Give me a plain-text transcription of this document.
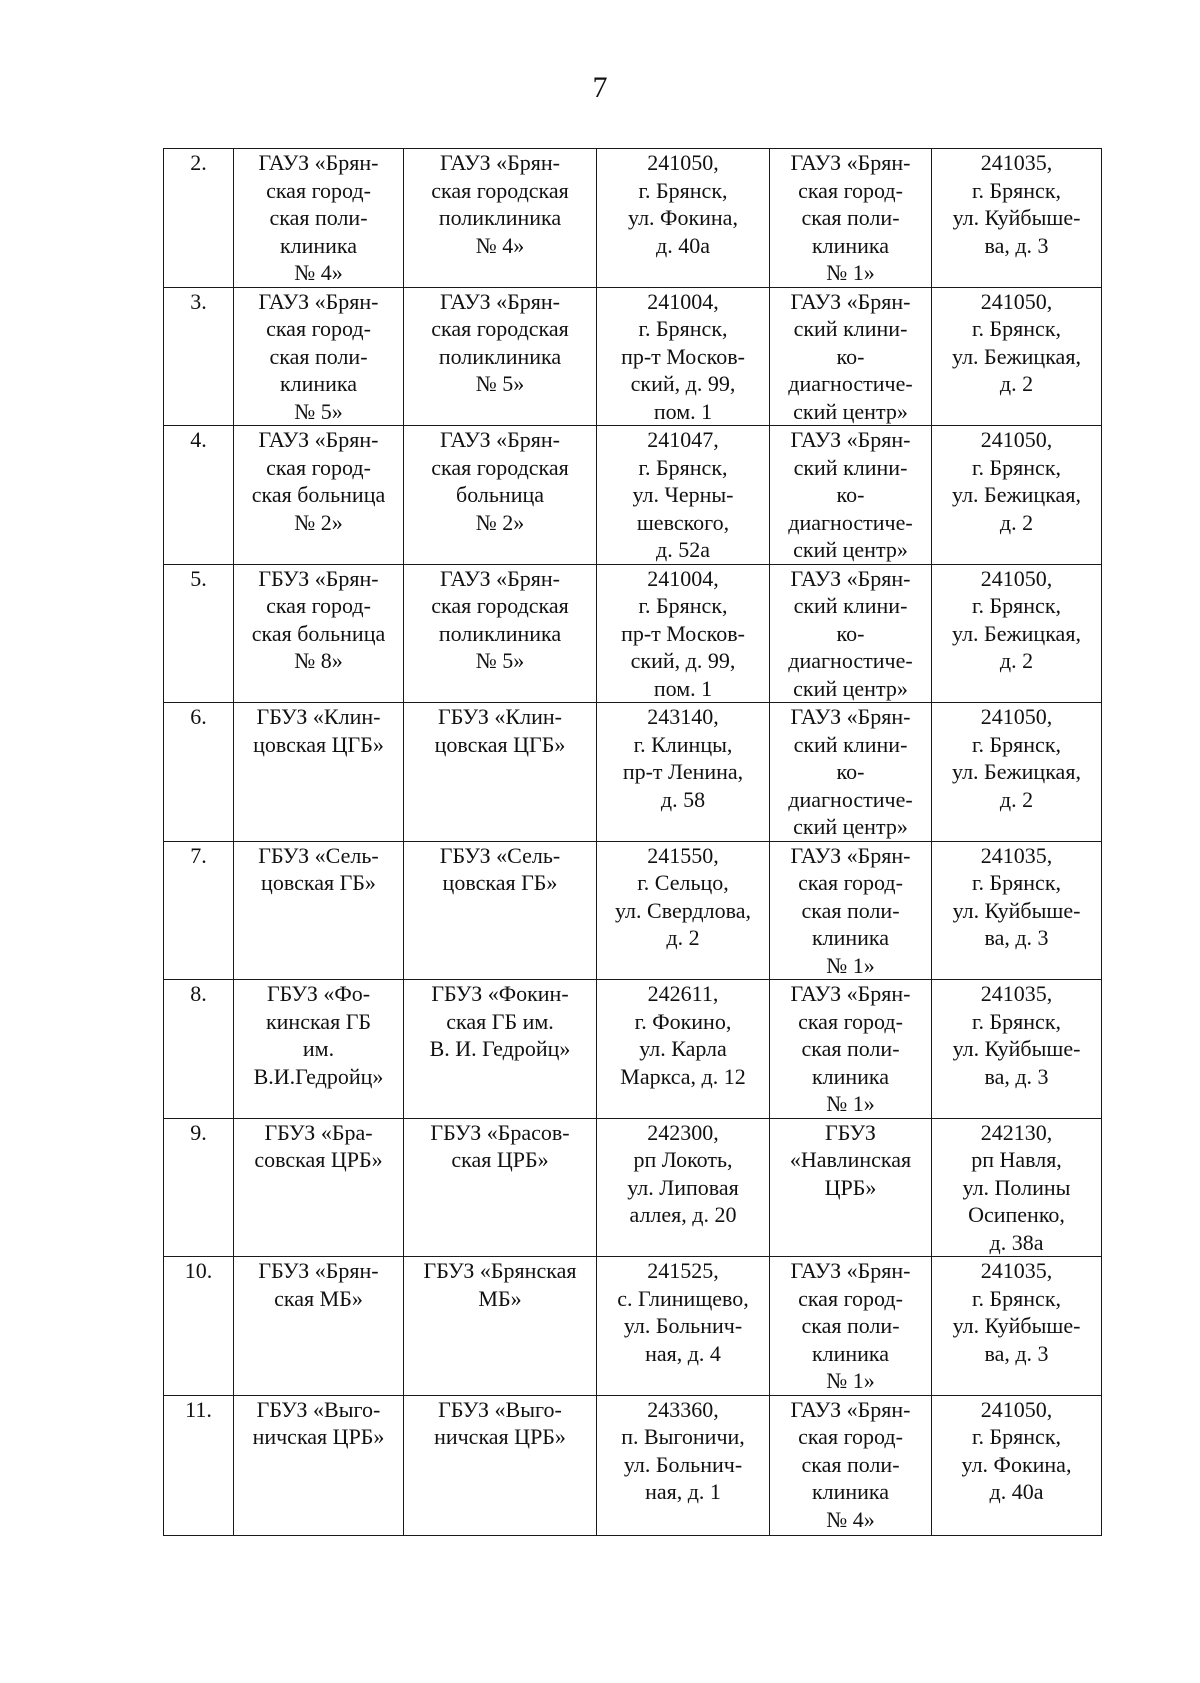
7
2.	ГАУЗ «Брян-
ская город-
ская поли-
клиника
№ 4»	ГАУЗ «Брян-
ская городская
поликлиника
№ 4»	241050,
г. Брянск,
ул. Фокина,
д. 40а	ГАУЗ «Брян-
ская город-
ская поли-
клиника
№ 1»	241035,
г. Брянск,
ул. Куйбыше-
ва, д. 3
3.	ГАУЗ «Брян-
ская город-
ская поли-
клиника
№ 5»	ГАУЗ «Брян-
ская городская
поликлиника
№ 5»	241004,
г. Брянск,
пр-т Москов-
ский, д. 99,
пом. 1	ГАУЗ «Брян-
ский клини-
ко-
диагностиче-
ский центр»	241050,
г. Брянск,
ул. Бежицкая,
д. 2
4.	ГАУЗ «Брян-
ская город-
ская больница
№ 2»	ГАУЗ «Брян-
ская городская
больница
№ 2»	241047,
г. Брянск,
ул. Черны-
шевского,
д. 52а	ГАУЗ «Брян-
ский клини-
ко-
диагностиче-
ский центр»	241050,
г. Брянск,
ул. Бежицкая,
д. 2
5.	ГБУЗ «Брян-
ская город-
ская больница
№ 8»	ГАУЗ «Брян-
ская городская
поликлиника
№ 5»	241004,
г. Брянск,
пр-т Москов-
ский, д. 99,
пом. 1	ГАУЗ «Брян-
ский клини-
ко-
диагностиче-
ский центр»	241050,
г. Брянск,
ул. Бежицкая,
д. 2
6.	ГБУЗ «Клин-
цовская ЦГБ»	ГБУЗ «Клин-
цовская ЦГБ»	243140,
г. Клинцы,
пр-т Ленина,
д. 58	ГАУЗ «Брян-
ский клини-
ко-
диагностиче-
ский центр»	241050,
г. Брянск,
ул. Бежицкая,
д. 2
7.	ГБУЗ «Сель-
цовская ГБ»	ГБУЗ «Сель-
цовская ГБ»	241550,
г. Сельцо,
ул. Свердлова,
д. 2	ГАУЗ «Брян-
ская город-
ская поли-
клиника
№ 1»	241035,
г. Брянск,
ул. Куйбыше-
ва, д. 3
8.	ГБУЗ «Фо-
кинская ГБ
им.
В.И.Гедройц»	ГБУЗ «Фокин-
ская ГБ им.
В. И. Гедройц»	242611,
г. Фокино,
ул. Карла
Маркса, д. 12	ГАУЗ «Брян-
ская город-
ская поли-
клиника
№ 1»	241035,
г. Брянск,
ул. Куйбыше-
ва, д. 3
9.	ГБУЗ «Бра-
совская ЦРБ»	ГБУЗ «Брасов-
ская ЦРБ»	242300,
рп Локоть,
ул. Липовая
аллея, д. 20	ГБУЗ
«Навлинская
ЦРБ»	242130,
рп Навля,
ул. Полины
Осипенко,
д. 38а
10.	ГБУЗ «Брян-
ская МБ»	ГБУЗ «Брянская
МБ»	241525,
с. Глинищево,
ул. Больнич-
ная, д. 4	ГАУЗ «Брян-
ская город-
ская поли-
клиника
№ 1»	241035,
г. Брянск,
ул. Куйбыше-
ва, д. 3
11.	ГБУЗ «Выго-
ничская ЦРБ»	ГБУЗ «Выго-
ничская ЦРБ»	243360,
п. Выгоничи,
ул. Больнич-
ная, д. 1	ГАУЗ «Брян-
ская город-
ская поли-
клиника
№ 4»	241050,
г. Брянск,
ул. Фокина,
д. 40а
